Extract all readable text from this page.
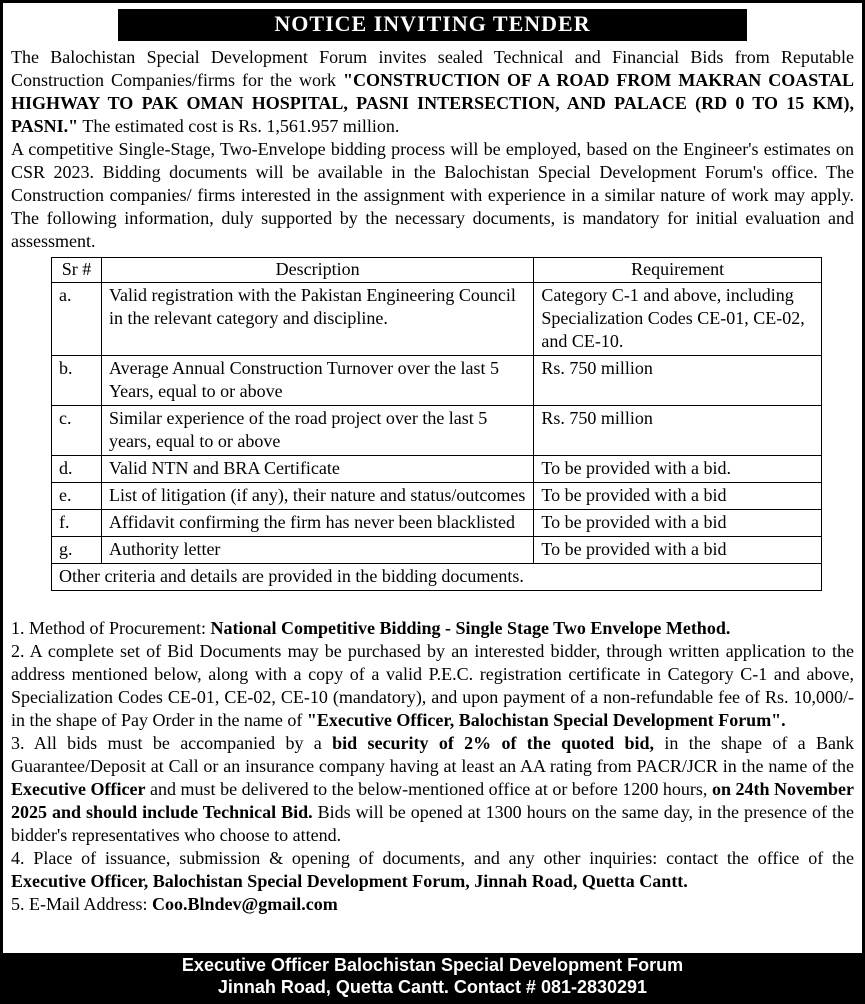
NOTICE INVITING TENDER

The Balochistan Special Development Forum invites sealed Technical and Financial Bids from Reputable Construction Companies/firms for the work "CONSTRUCTION OF A ROAD FROM MAKRAN COASTAL HIGHWAY TO PAK OMAN HOSPITAL, PASNI INTERSECTION, AND PALACE (RD 0 TO 15 KM), PASNI." The estimated cost is Rs. 1,561.957 million.

A competitive Single-Stage, Two-Envelope bidding process will be employed, based on the Engineer's estimates on CSR 2023. Bidding documents will be available in the Balochistan Special Development Forum's office. The Construction companies/ firms interested in the assignment with experience in a similar nature of work may apply. The following information, duly supported by the necessary documents, is mandatory for initial evaluation and assessment.

Sr #	Description	Requirement
a.	Valid registration with the Pakistan Engineering Council in the relevant category and discipline.	Category C-1 and above, including Specialization Codes CE-01, CE-02, and CE-10.
b.	Average Annual Construction Turnover over the last 5 Years, equal to or above	Rs. 750 million
c.	Similar experience of the road project over the last 5 years, equal to or above	Rs. 750 million
d.	Valid NTN and BRA Certificate	To be provided with a bid.
e.	List of litigation (if any), their nature and status/outcomes	To be provided with a bid
f.	Affidavit confirming the firm has never been blacklisted	To be provided with a bid
g.	Authority letter	To be provided with a bid
Other criteria and details are provided in the bidding documents.		

1. Method of Procurement: National Competitive Bidding - Single Stage Two Envelope Method.

2. A complete set of Bid Documents may be purchased by an interested bidder, through written application to the address mentioned below, along with a copy of a valid P.E.C. registration certificate in Category C-1 and above, Specialization Codes CE-01, CE-02, CE-10 (mandatory), and upon payment of a non-refundable fee of Rs. 10,000/- in the shape of Pay Order in the name of "Executive Officer, Balochistan Special Development Forum".

3. All bids must be accompanied by a bid security of 2% of the quoted bid, in the shape of a Bank Guarantee/Deposit at Call or an insurance company having at least an AA rating from PACR/JCR in the name of the Executive Officer and must be delivered to the below-mentioned office at or before 1200 hours, on 24th November 2025 and should include Technical Bid. Bids will be opened at 1300 hours on the same day, in the presence of the bidder's representatives who choose to attend.

4. Place of issuance, submission & opening of documents, and any other inquiries: contact the office of the Executive Officer, Balochistan Special Development Forum, Jinnah Road, Quetta Cantt.

5. E-Mail Address: Coo.Blndev@gmail.com

Executive Officer Balochistan Special Development Forum
Jinnah Road, Quetta Cantt. Contact # 081-2830291
